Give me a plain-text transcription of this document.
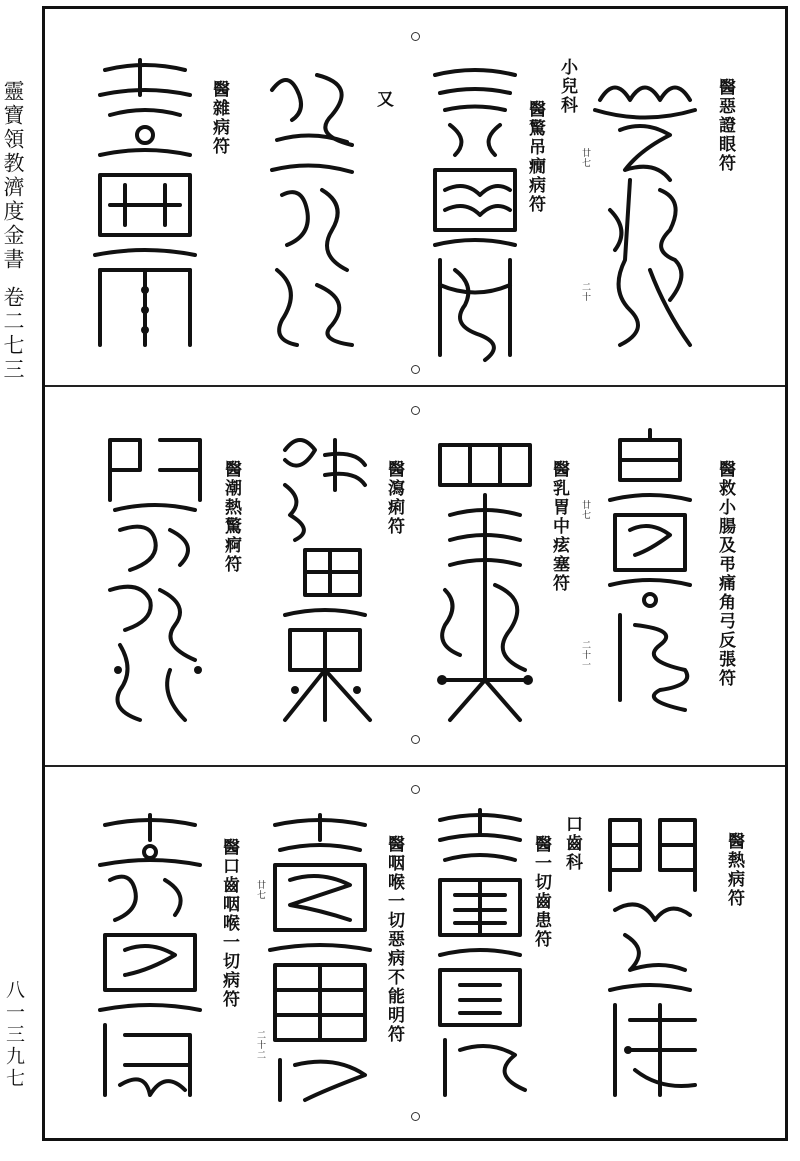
靈寶領教濟度金書卷二七三
八一三九七
醫惡證眼符
小兒科
醫驚吊癇病符
又
醫雜病符
廿七
二十
醫救小腸及弔痛角弓反張符
醫乳胃中痃塞符
醫瀉痢符
醫潮熱驚痾符	廿七
二十一
醫熱病符
口齒科
醫一切齒患符
醫咽喉一切惡病不能明符
醫口齒咽喉一切病符 廿七
二十二
